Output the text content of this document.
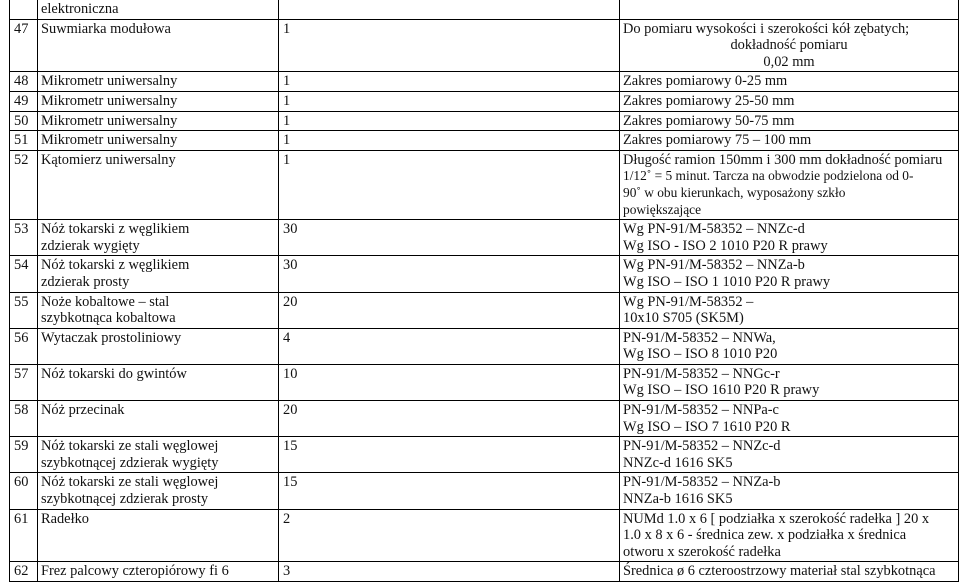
	elektroniczna		

47	Suwmiarka modułowa	1	Do pomiaru wysokości i szerokości kół zębatych;
dokładność pomiaru
0,02 mm

48	Mikrometr uniwersalny	1	Zakres pomiarowy 0-25 mm

49	Mikrometr uniwersalny	1	Zakres pomiarowy 25-50 mm

50	Mikrometr uniwersalny	1	Zakres pomiarowy 50-75 mm

51	Mikrometr uniwersalny	1	Zakres pomiarowy 75 – 100 mm

52	Kątomierz uniwersalny	1	Długość ramion 150mm i 300 mm dokładność pomiaru
1/12˚ = 5 minut. Tarcza na obwodzie podzielona od 0-
90˚ w obu kierunkach, wyposażony szkło
powiększające

53	Nóż tokarski z węglikiem
zdzierak wygięty	30	Wg PN-91/M-58352 – NNZc-d
Wg ISO - ISO 2 1010 P20 R prawy

54	Nóż tokarski z węglikiem
zdzierak prosty	30	Wg PN-91/M-58352 – NNZa-b
Wg ISO – ISO 1 1010 P20 R prawy

55	Noże kobaltowe – stal
szybkotnąca kobaltowa	20	Wg PN-91/M-58352 –
10x10 S705 (SK5M)

56	Wytaczak prostoliniowy	4	PN-91/M-58352 – NNWa,
Wg ISO – ISO 8 1010 P20

57	Nóż tokarski do gwintów	10	PN-91/M-58352 – NNGc-r
Wg ISO – ISO 1610 P20 R prawy

58	Nóż przecinak	20	PN-91/M-58352 – NNPa-c
Wg ISO – ISO 7 1610 P20 R

59	Nóż tokarski ze stali węglowej
szybkotnącej zdzierak wygięty	15	PN-91/M-58352 – NNZc-d
NNZc-d 1616 SK5

60	Nóż tokarski ze stali węglowej
szybkotnącej zdzierak prosty	15	PN-91/M-58352 – NNZa-b
NNZa-b 1616 SK5

61	Radełko	2	NUMd 1.0 x 6 [ podziałka x szerokość radełka ] 20 x
1.0 x 8 x 6 - średnica zew. x podziałka x średnica
otworu x szerokość radełka

62	Frez palcowy czteropiórowy fi 6	3	Średnica ø 6 czteroostrzowy materiał stal szybkotnąca
